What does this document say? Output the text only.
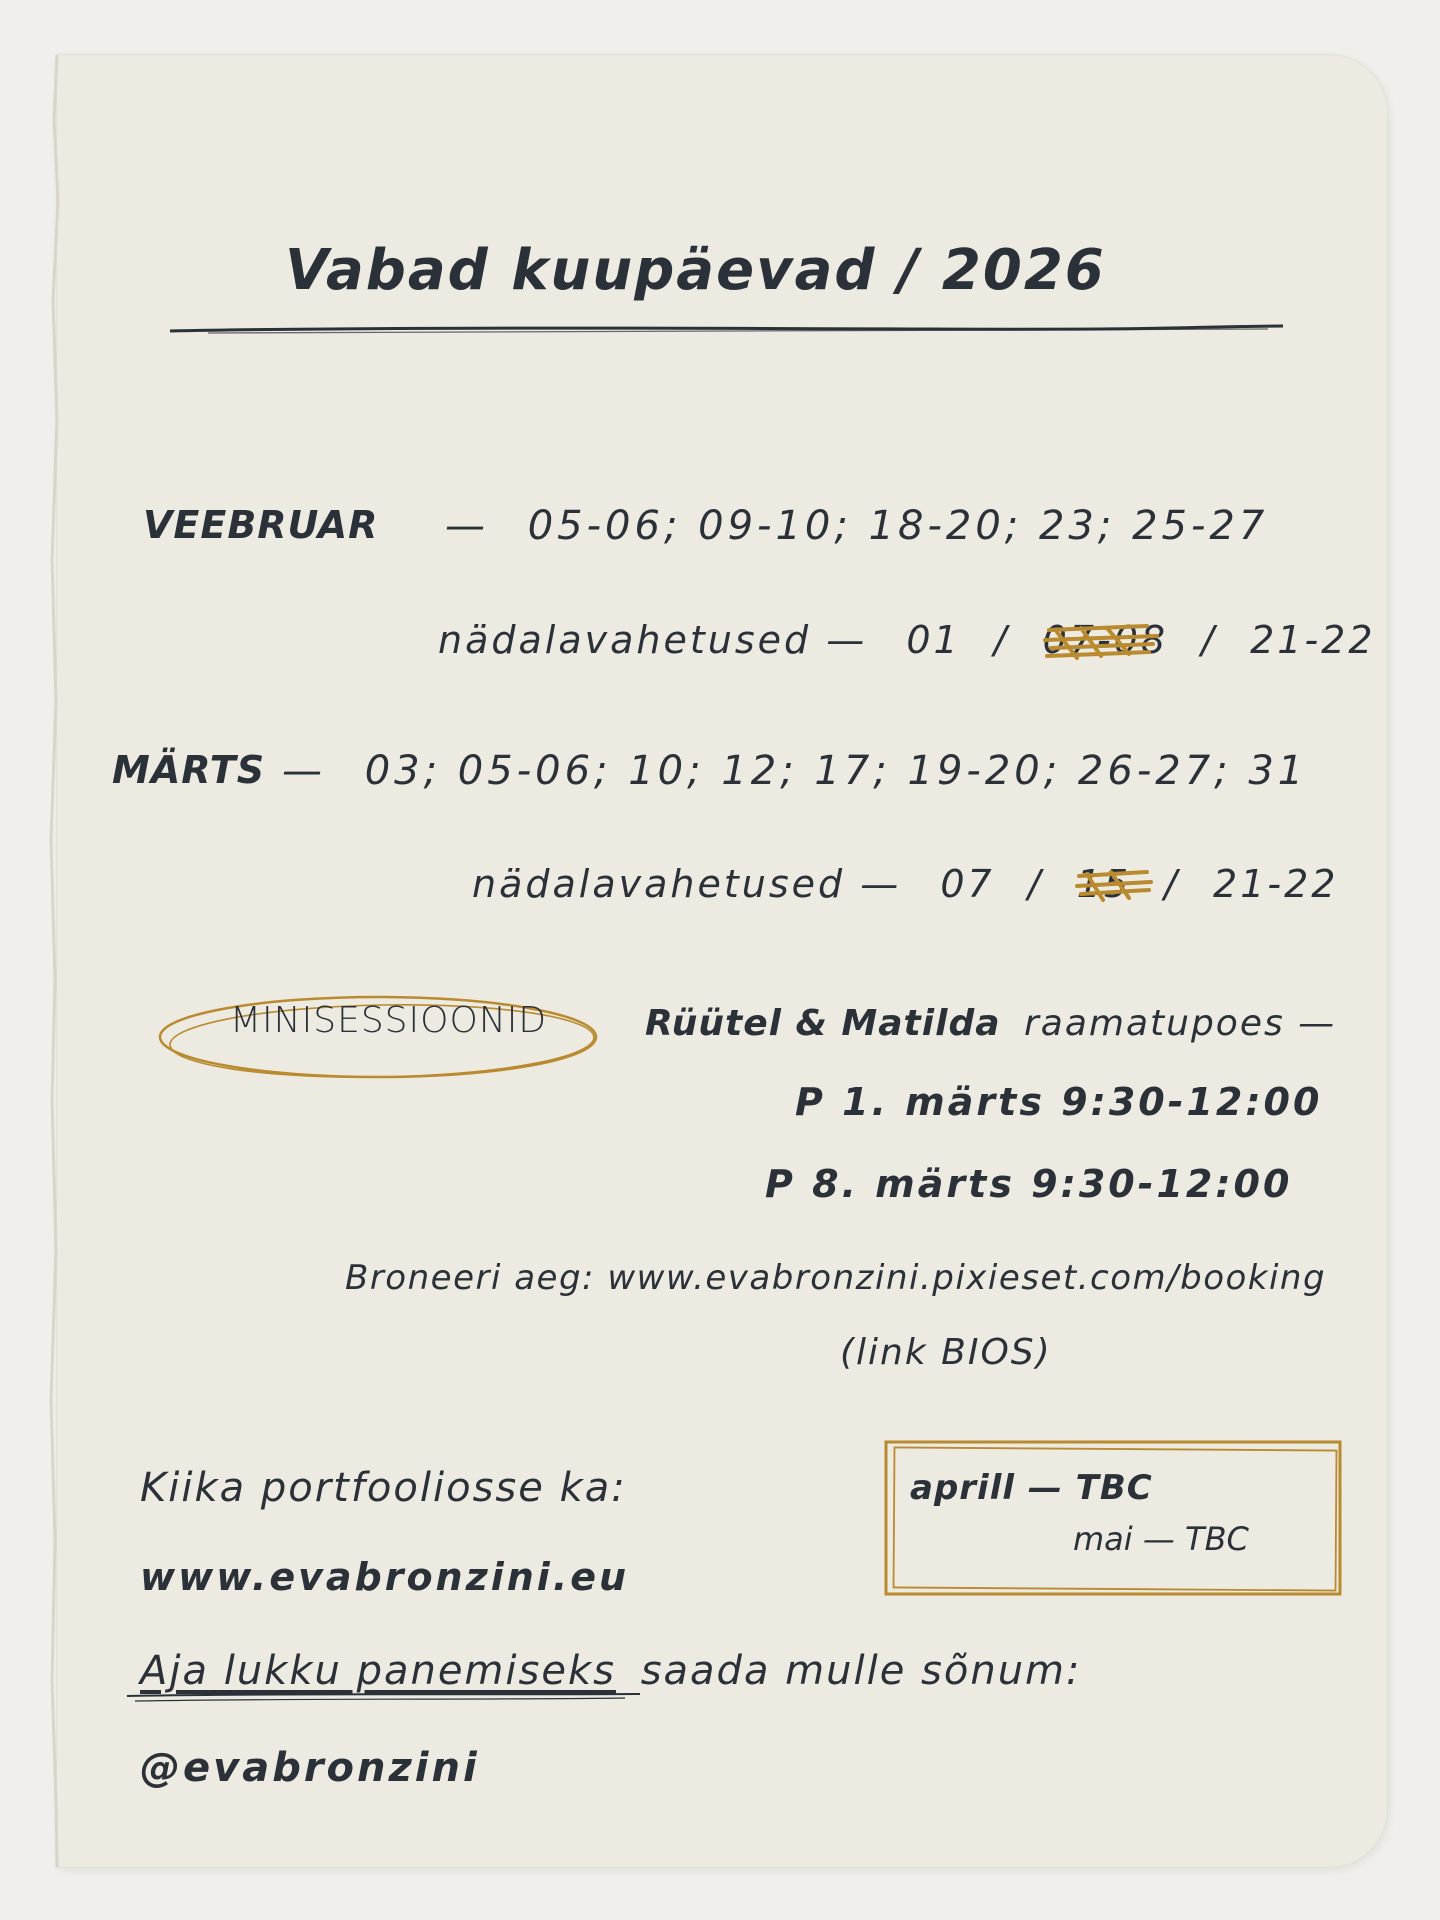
Vabad kuupäevad / 2026
VEEBRUAR — 05-06; 09-10; 18-20; 23; 25-27
nädalavahetused — 01 / 07-08 / 21-22
MÄRTS — 03; 05-06; 10; 12; 17; 19-20; 26-27; 31
nädalavahetused — 07 / 15 / 21-22
MINISESSIOONID	Rüütel & Matilda raamatupoes —
P 1. märts 9:30-12:00
P 8. märts 9:30-12:00
Broneeri aeg: www.evabronzini.pixieset.com/booking
(link BIOS)
aprill — TBC
mai — TBC
Kiika portfooliosse ka:
www.evabronzini.eu
Aja lukku panemiseks saada mulle sõnum:
@evabronzini
